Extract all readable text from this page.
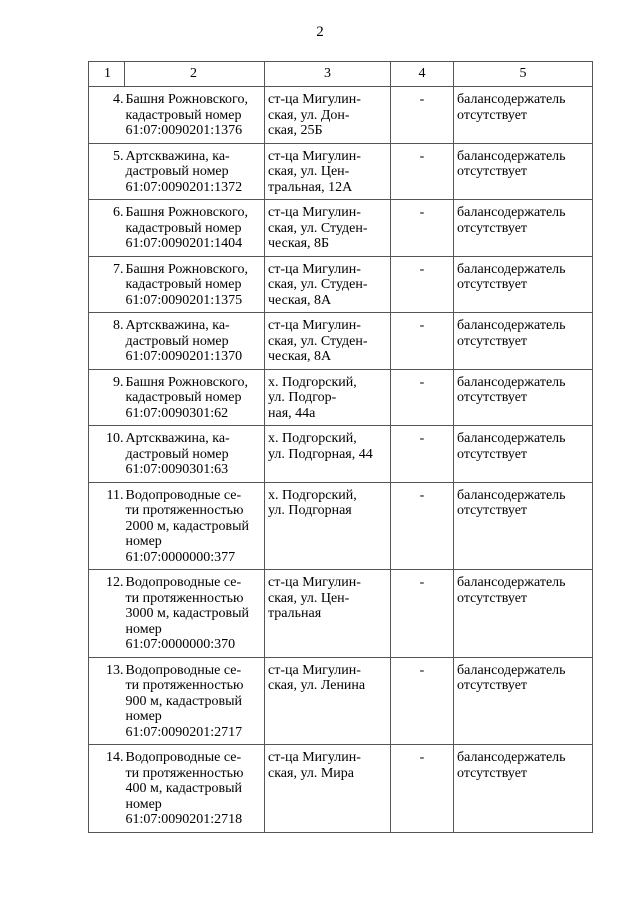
2
1	2	3	4	5
4.	Башня Рожновского,
кадастровый номер
61:07:0090201:1376	ст-ца Мигулин-
ская, ул. Дон-
ская, 25Б	-	балансодержатель
отсутствует

5.	Артскважина, ка-
дастровый номер
61:07:0090201:1372	ст-ца Мигулин-
ская, ул. Цен-
тральная, 12А	-	балансодержатель
отсутствует

6.	Башня Рожновского,
кадастровый номер
61:07:0090201:1404	ст-ца Мигулин-
ская, ул. Студен-
ческая, 8Б	-	балансодержатель
отсутствует

7.	Башня Рожновского,
кадастровый номер
61:07:0090201:1375	ст-ца Мигулин-
ская, ул. Студен-
ческая, 8А	-	балансодержатель
отсутствует

8.	Артскважина, ка-
дастровый номер
61:07:0090201:1370	ст-ца Мигулин-
ская, ул. Студен-
ческая, 8А	-	балансодержатель
отсутствует

9.	Башня Рожновского,
кадастровый номер
61:07:0090301:62	х. Подгорский,
ул. Подгор-
ная, 44а	-	балансодержатель
отсутствует

10.	Артскважина, ка-
дастровый номер
61:07:0090301:63	х. Подгорский,
ул. Подгорная, 44	-	балансодержатель
отсутствует

11.	Водопроводные се-
ти протяженностью
2000 м, кадастровый
номер
61:07:0000000:377	х. Подгорский,
ул. Подгорная	-	балансодержатель
отсутствует

12.	Водопроводные се-
ти протяженностью
3000 м, кадастровый
номер
61:07:0000000:370	ст-ца Мигулин-
ская, ул. Цен-
тральная	-	балансодержатель
отсутствует

13.	Водопроводные се-
ти протяженностью
900 м, кадастровый
номер
61:07:0090201:2717	ст-ца Мигулин-
ская, ул. Ленина	-	балансодержатель
отсутствует

14.	Водопроводные се-
ти протяженностью
400 м, кадастровый
номер
61:07:0090201:2718	ст-ца Мигулин-
ская, ул. Мира	-	балансодержатель
отсутствует
